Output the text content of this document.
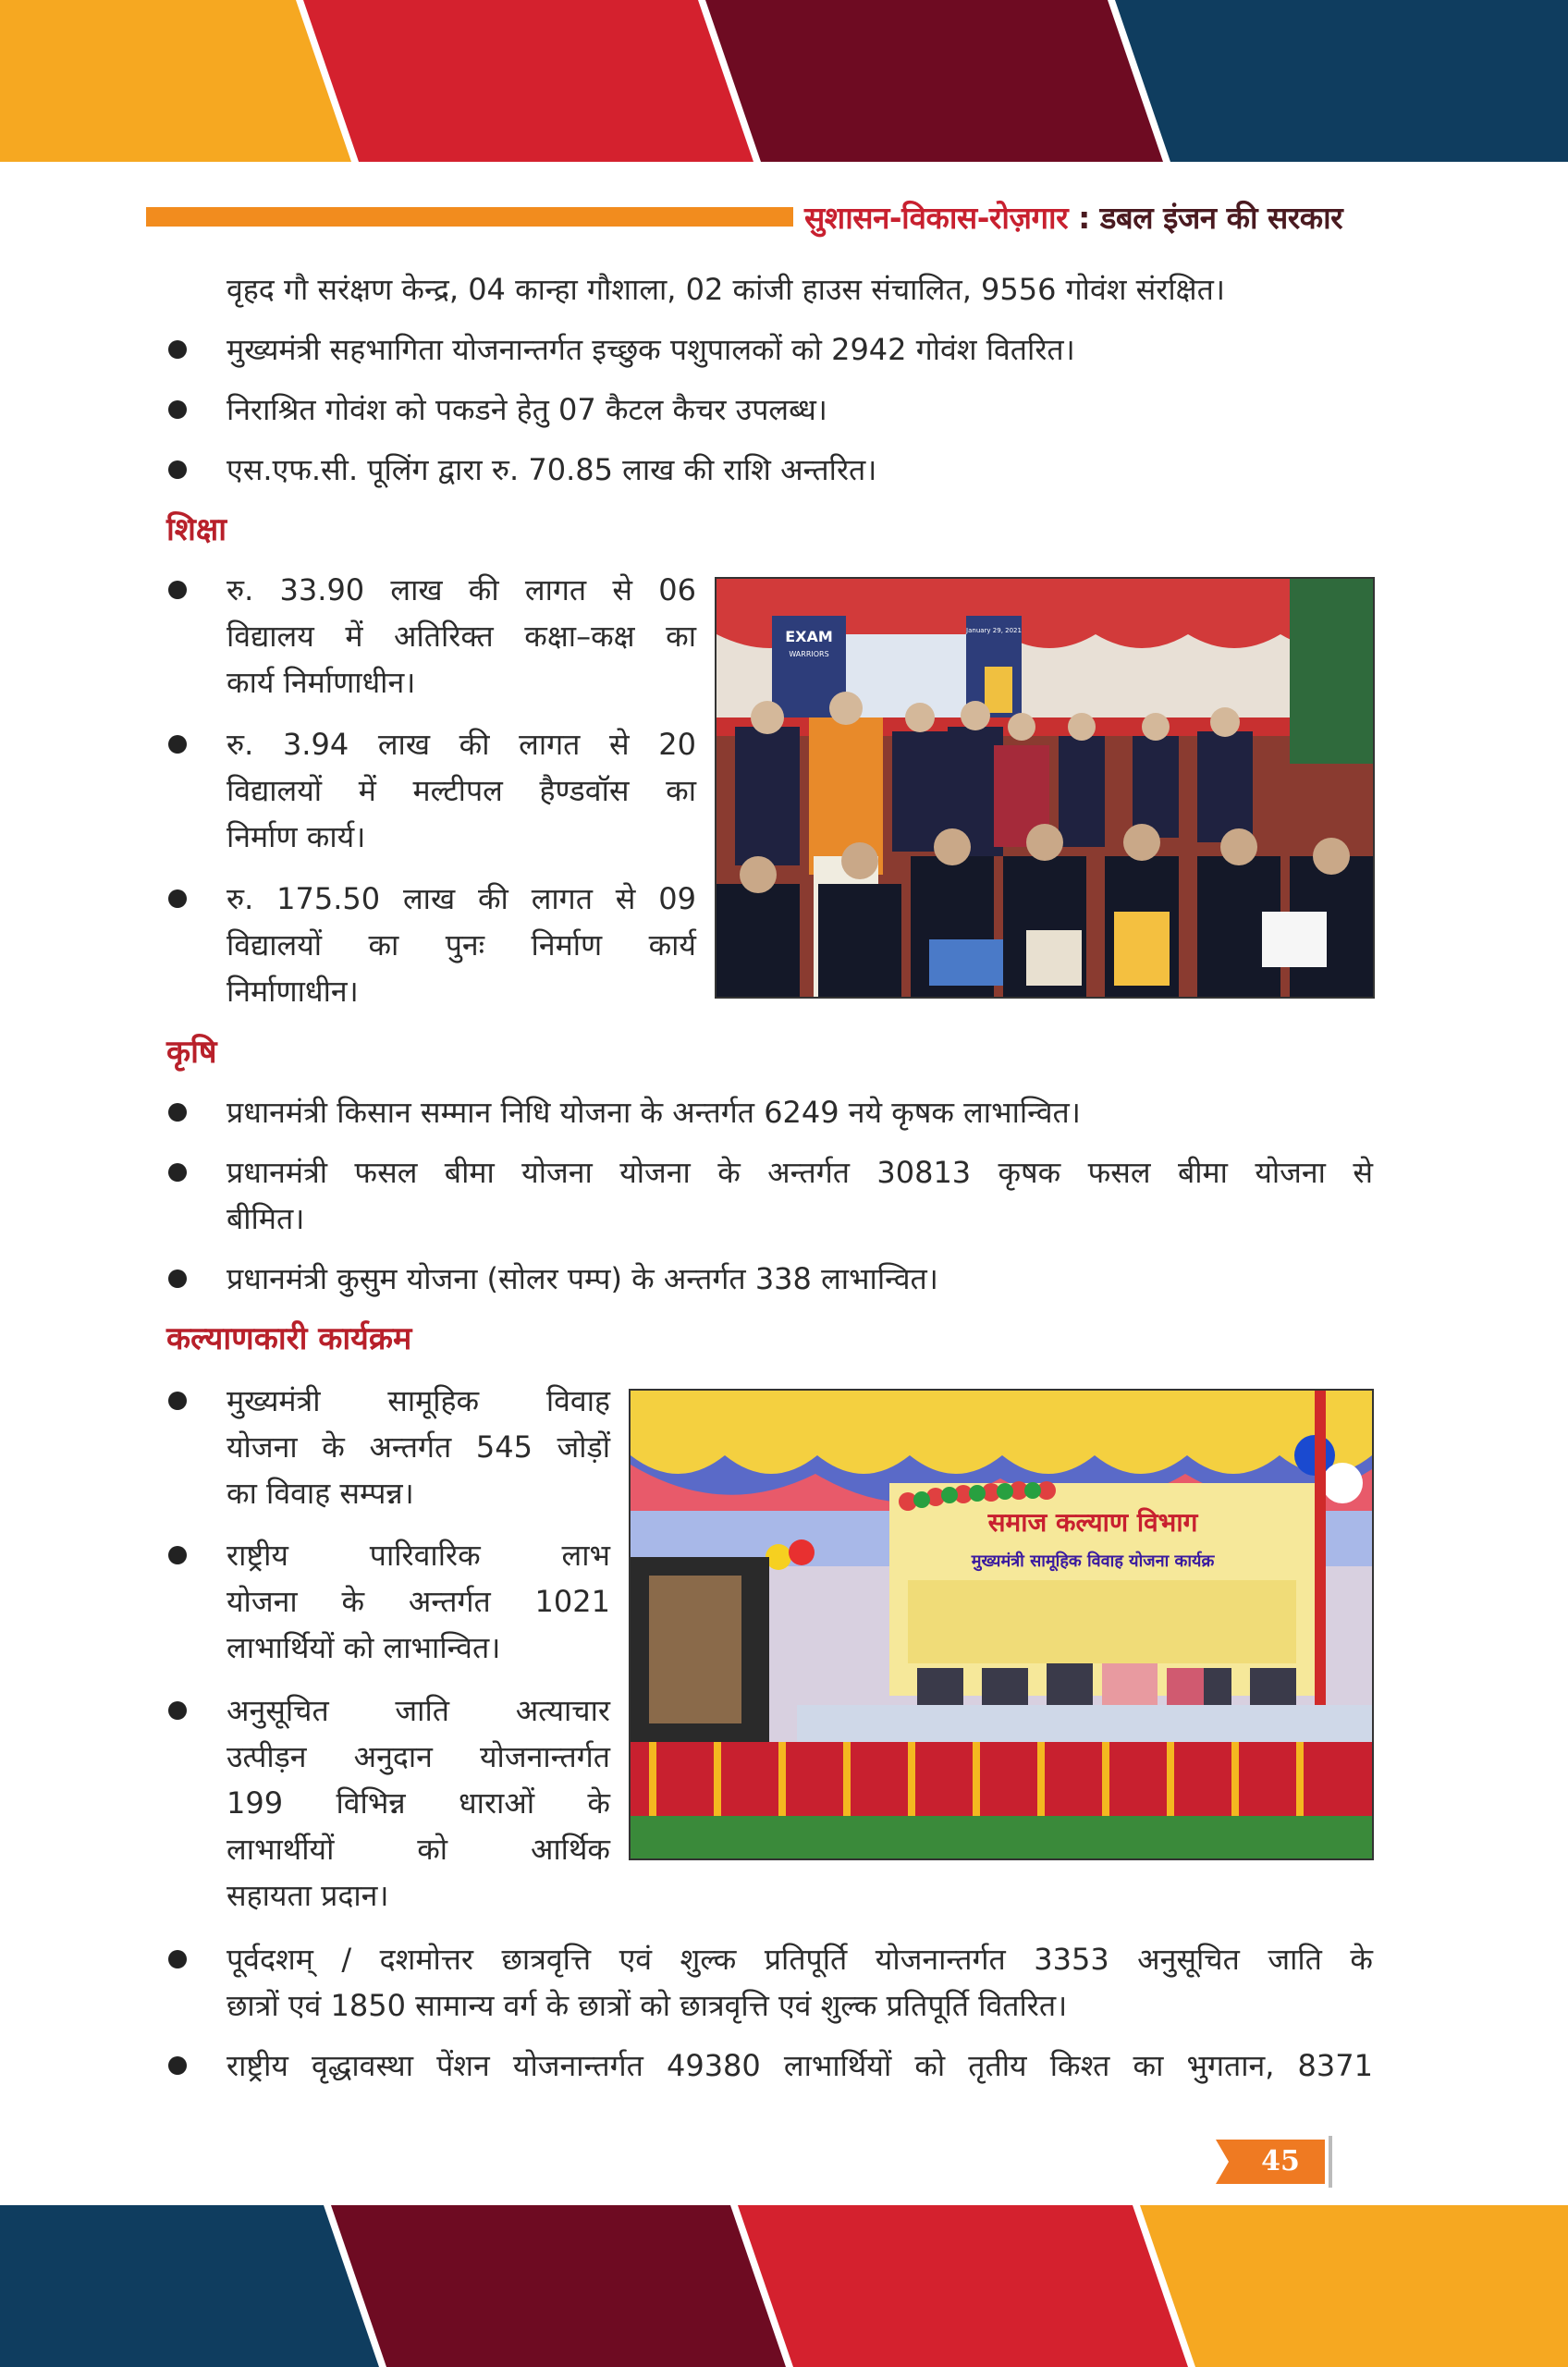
सुशासन-विकास-रोज़गार : डबल इंजन की सरकार
वृहद गौ सरंक्षण केन्द्र, 04 कान्हा गौशाला, 02 कांजी हाउस संचालित, 9556 गोवंश संरक्षित।
मुख्यमंत्री सहभागिता योजनान्तर्गत इच्छुक पशुपालकों को 2942 गोवंश वितरित।
निराश्रित गोवंश को पकडने हेतु 07 कैटल कैचर उपलब्ध।
एस.एफ.सी. पूलिंग द्वारा रु. 70.85 लाख की राशि अन्तरित।
शिक्षा
रु. 33.90 लाख की लागत से 06
विद्यालय में अतिरिक्त कक्षा–कक्ष का
कार्य निर्माणाधीन।
रु. 3.94 लाख की लागत से 20
विद्यालयों में मल्टीपल हैण्डवॉस का
निर्माण कार्य।
रु. 175.50 लाख की लागत से 09
विद्यालयों का पुनः निर्माण कार्य
निर्माणाधीन।
EXAM
WARRIORS
January 29, 2021
कृषि
प्रधानमंत्री किसान सम्मान निधि योजना के अन्तर्गत 6249 नये कृषक लाभान्वित।
प्रधानमंत्री फसल बीमा योजना योजना के अन्तर्गत 30813 कृषक फसल बीमा योजना से
बीमित।
प्रधानमंत्री कुसुम योजना (सोलर पम्प) के अन्तर्गत 338 लाभान्वित।
कल्याणकारी कार्यक्रम
मुख्यमंत्री सामूहिक विवाह
योजना के अन्तर्गत 545 जोड़ों
का विवाह सम्पन्न।
राष्ट्रीय पारिवारिक लाभ
योजना के अन्तर्गत 1021
लाभार्थियों को लाभान्वित।
अनुसूचित जाति अत्याचार
उत्पीड़न अनुदान योजनान्तर्गत
199 विभिन्न धाराओं के
लाभार्थीयों को आर्थिक
सहायता प्रदान।
समाज कल्याण विभाग
मुख्यमंत्री सामूहिक विवाह योजना कार्यक्र
पूर्वदशम् / दशमोत्तर छात्रवृत्ति एवं शुल्क प्रतिपूर्ति योजनान्तर्गत 3353 अनुसूचित जाति के
छात्रों एवं 1850 सामान्य वर्ग के छात्रों को छात्रवृत्ति एवं शुल्क प्रतिपूर्ति वितरित।
राष्ट्रीय वृद्धावस्था पेंशन योजनान्तर्गत 49380 लाभार्थियों को तृतीय किश्त का भुगतान, 8371
45
